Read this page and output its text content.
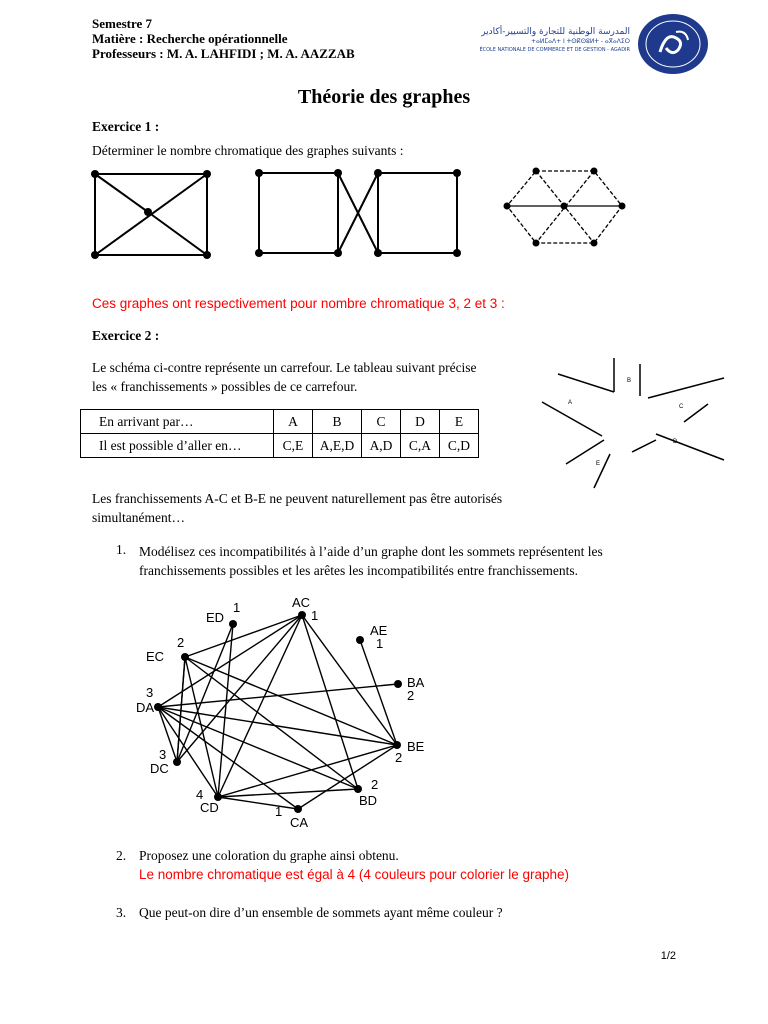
Semestre 7
Matière : Recherche opérationnelle
Professeurs : M. A. LAHFIDI ; M. A. AAZZAB
المدرسة الوطنية للتجارة والتسيير-أكادير
+ⴰⵍⵎⴰⴷ+ ⵏ ⵜⵙⴽⵙⵓⵍⵜ - ⴰⴳⴰⴷⵉⵔ
ÉCOLE NATIONALE DE COMMERCE ET DE GESTION - AGADIR
Théorie des graphes
Exercice 1 :
Déterminer le nombre chromatique des graphes suivants :
Ces graphes ont respectivement pour nombre chromatique 3, 2 et 3 :
Exercice 2 :
Le schéma ci-contre représente un carrefour. Le tableau suivant précise
les « franchissements » possibles de ce carrefour.
A
B
C
D
E
En arrivant par…	A	B	C	D	E
Il est possible d’aller en…	C,E	A,E,D	A,D	C,A	C,D
Les franchissements A-C et B-E ne peuvent naturellement pas être autorisés
simultanément…
1. Modélisez ces incompatibilités à l’aide d’un graphe dont les sommets représentent les
franchissements possibles et les arêtes les incompatibilités entre franchissements.
ED
1	AC
1
AE
1
2
EC
BA
2
3
DA
BE
2
3
DC
2
BD
4
CD	1
CA
2. Proposez une coloration du graphe ainsi obtenu.
Le nombre chromatique est égal à 4 (4 couleurs pour colorier le graphe)
3. Que peut-on dire d’un ensemble de sommets ayant même couleur ?
1/2
